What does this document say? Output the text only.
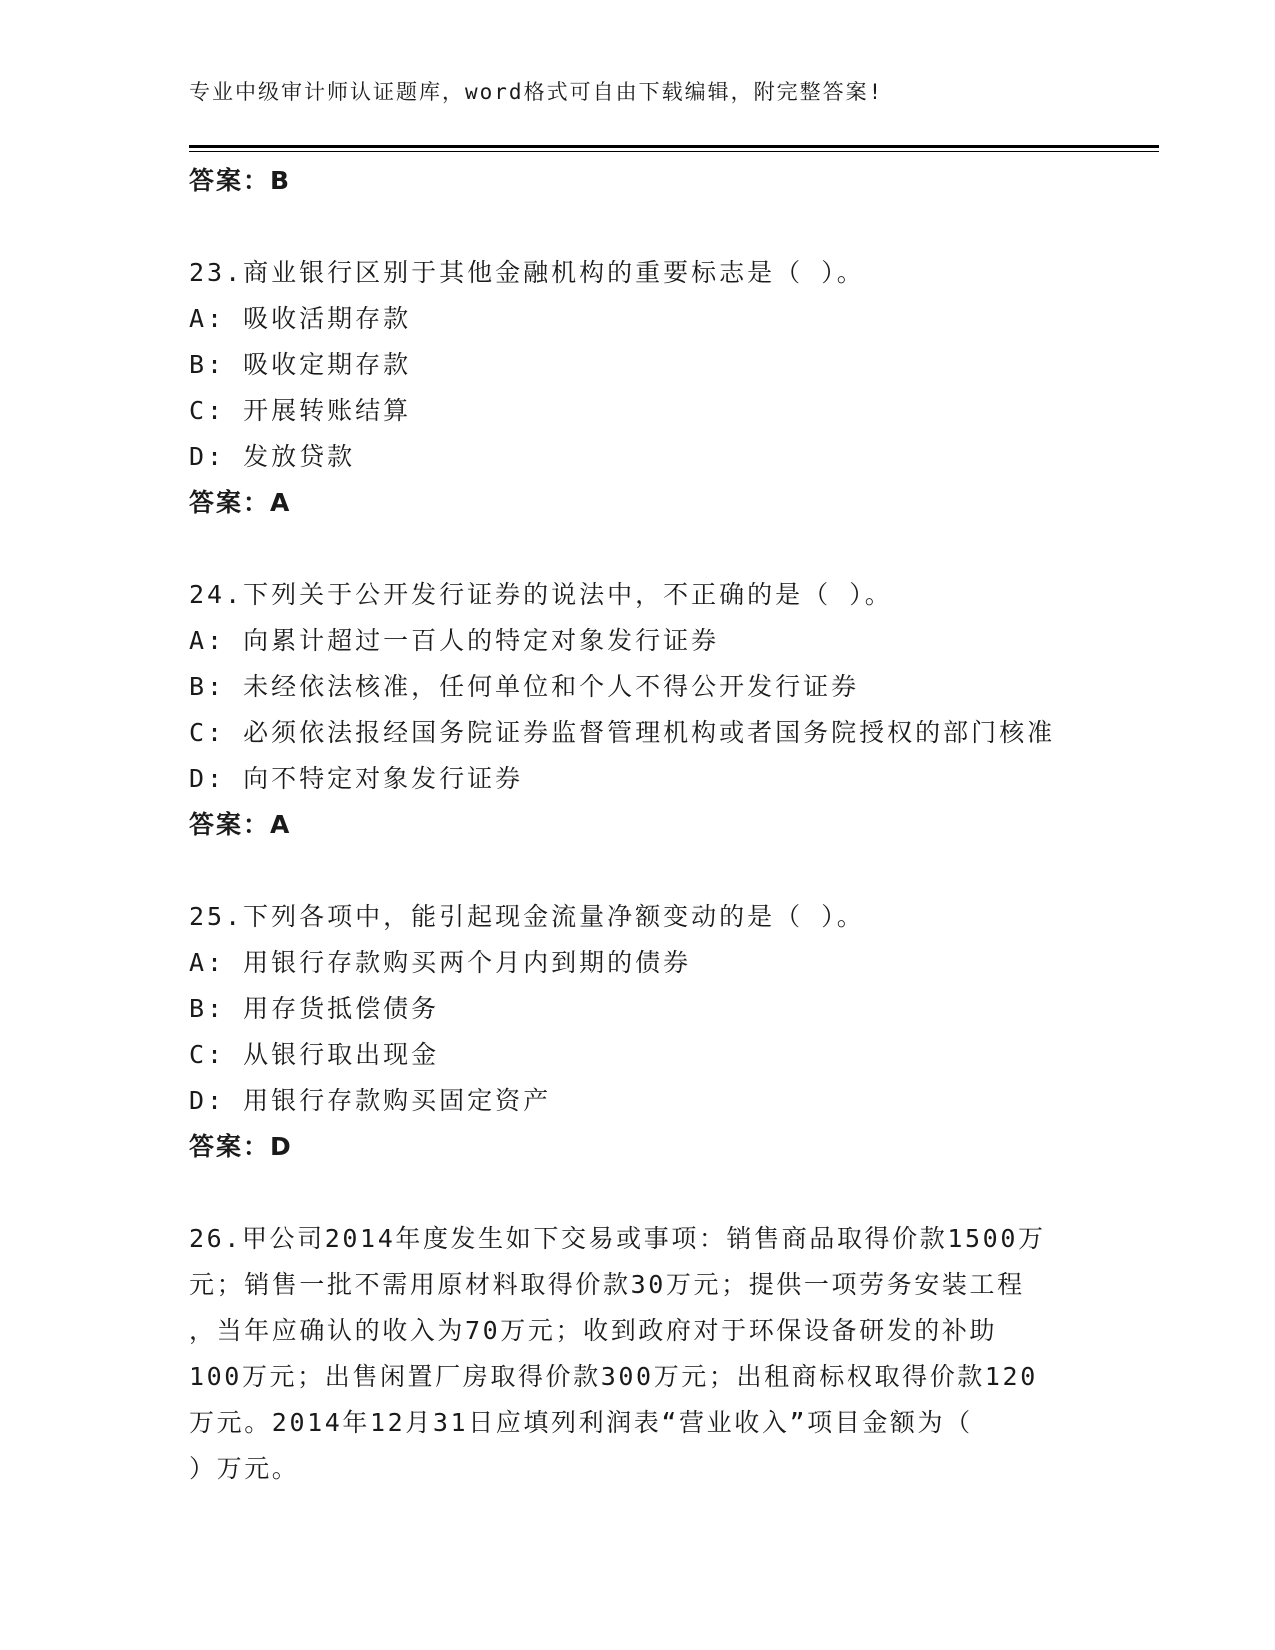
专业中级审计师认证题库，word格式可自由下载编辑，附完整答案!
答案：B
23.商业银行区别于其他金融机构的重要标志是（ ）。
A: 吸收活期存款
B: 吸收定期存款
C: 开展转账结算
D: 发放贷款
答案：A
24.下列关于公开发行证券的说法中，不正确的是（ ）。
A: 向累计超过一百人的特定对象发行证券
B: 未经依法核准，任何单位和个人不得公开发行证券
C: 必须依法报经国务院证券监督管理机构或者国务院授权的部门核准
D: 向不特定对象发行证券
答案：A
25.下列各项中，能引起现金流量净额变动的是（ ）。
A: 用银行存款购买两个月内到期的债券
B: 用存货抵偿债务
C: 从银行取出现金
D: 用银行存款购买固定资产
答案：D
26.甲公司2014年度发生如下交易或事项：销售商品取得价款1500万
元；销售一批不需用原材料取得价款30万元；提供一项劳务安装工程
，当年应确认的收入为70万元；收到政府对于环保设备研发的补助
100万元；出售闲置厂房取得价款300万元；出租商标权取得价款120
万元。2014年12月31日应填列利润表“营业收入”项目金额为（
）万元。
